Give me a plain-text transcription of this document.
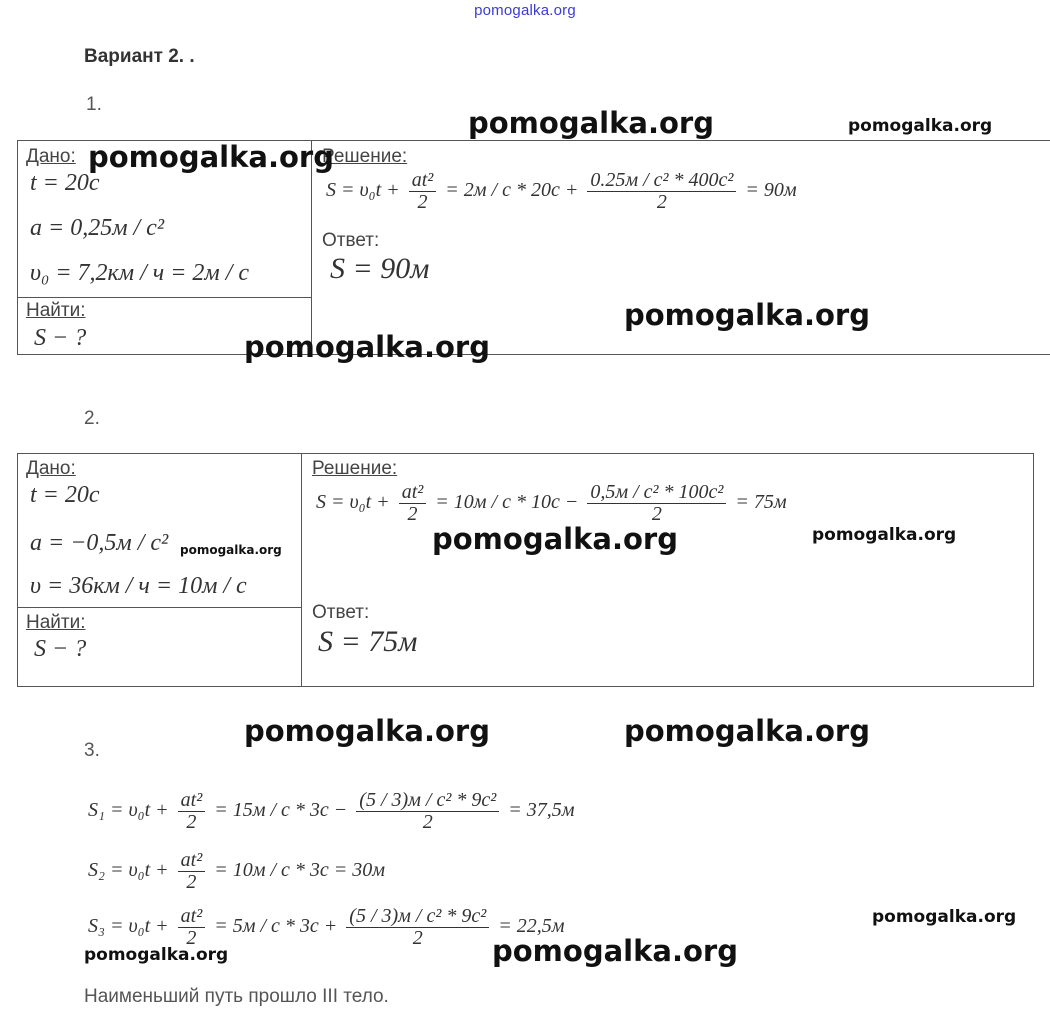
pomogalka.org
Вариант 2. .
1.
Дано:
t = 20c
a = 0,25м / c²
υ₀ = 7,2км / ч = 2м / с
Найти:
S − ?
Решение:
$S = \upsilon_0t + \frac{\text{at²}}{2} = 2м / c * 20c + \frac{\text{0.25м / c² * 400c²}}{2} = 90м$
Ответ:
S = 90м
2.
Дано:
t = 20c
a = −0,5м / c²
υ = 36км / ч = 10м / с
Найти:
S − ?
Решение:
$S = \upsilon_0t + \frac{\text{at²}}{2} = 10м / c * 10c - \frac{\text{0,5м / c² * 100c²}}{2} = 75м$
Ответ:
S = 75м
3.
$S_1 = \upsilon_0t + \frac{\text{at²}}{2} = 15м / c * 3c - \frac{\text{(5 / 3)м / c² * 9c²}}{2} = 37,5м$
$S_2 = \upsilon_0t + \frac{\text{at²}}{2} = 10м / c * 3c = 30м$
$S_3 = \upsilon_0t + \frac{\text{at²}}{2} = 5м / c * 3c + \frac{\text{(5 / 3)м / c² * 9c²}}{2} = 22,5м$
Наименьший путь прошло III тело.
pomogalka.org	pomogalka.org
pomogalka.org
pomogalka.org
pomogalka.org
pomogalka.org	pomogalka.org	pomogalka.org
pomogalka.org	pomogalka.org
pomogalka.org
pomogalka.org	pomogalka.org
